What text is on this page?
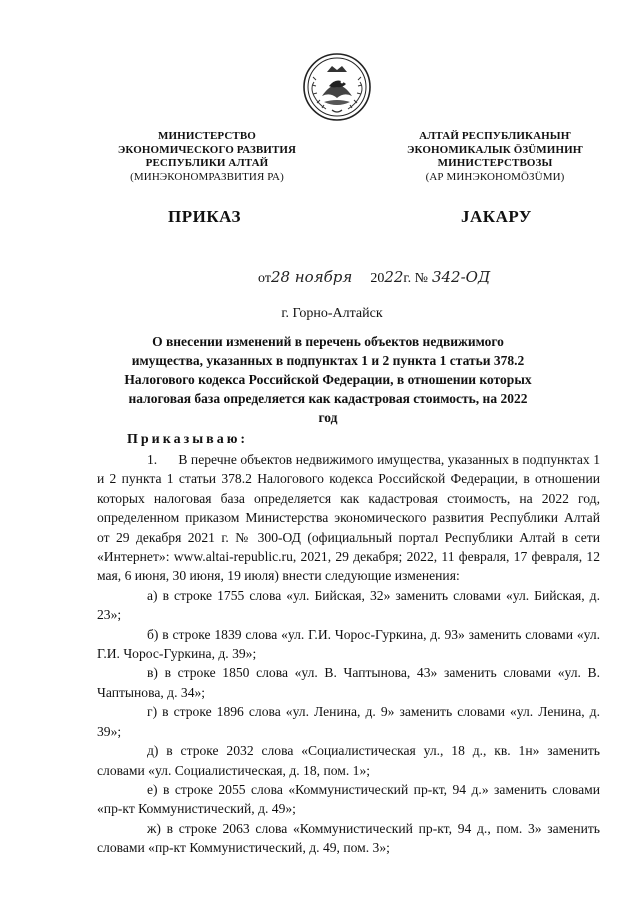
МИНИСТЕРСТВО
ЭКОНОМИЧЕСКОГО РАЗВИТИЯ
РЕСПУБЛИКИ АЛТАЙ
(МИНЭКОНОМРАЗВИТИЯ РА)
АЛТАЙ РЕСПУБЛИКАНЫҤ
ЭКОНОМИКАЛЫК ÖЗÜМИНИҤ
МИНИСТЕРСТВОЗЫ
(АР МИНЭКОНОМÖЗÜМИ)
ПРИКАЗ	JАКАРУ
от28 ноября 2022г. № 342-ОД
г. Горно-Алтайск
О внесении изменений в перечень объектов недвижимого имущества, указанных в подпунктах 1 и 2 пункта 1 статьи 378.2 Налогового кодекса Российской Федерации, в отношении которых налоговая база определяется как кадастровая стоимость, на 2022 год
Приказываю:

1.      В перечне объектов недвижимого имущества, указанных в подпунктах 1 и 2 пункта 1 статьи 378.2 Налогового кодекса Российской Федерации, в отношении которых налоговая база определяется как кадастровая стоимость, на 2022 год, определенном приказом Министерства экономического развития Республики Алтай от 29 декабря 2021 г. № 300-ОД (официальный портал Республики Алтай в сети «Интернет»: www.altai-republic.ru, 2021, 29 декабря; 2022, 11 февраля, 17 февраля, 12 мая, 6 июня, 30 июня, 19 июля) внести следующие изменения:

а) в строке 1755 слова «ул. Бийская, 32» заменить словами «ул. Бийская, д. 23»;

б) в строке 1839 слова «ул. Г.И. Чорос-Гуркина, д. 93» заменить словами «ул. Г.И. Чорос-Гуркина, д. 39»;

в) в строке 1850 слова «ул. В. Чаптынова, 43» заменить словами «ул. В. Чаптынова, д. 34»;

г) в строке 1896 слова «ул. Ленина, д. 9» заменить словами «ул. Ленина, д. 39»;

д) в строке 2032 слова «Социалистическая ул., 18 д., кв. 1н» заменить словами «ул. Социалистическая, д. 18, пом. 1»;

е) в строке 2055 слова «Коммунистический пр-кт, 94 д.» заменить словами «пр-кт Коммунистический, д. 49»;

ж) в строке 2063 слова «Коммунистический пр-кт, 94 д., пом. 3» заменить словами «пр-кт Коммунистический, д. 49, пом. 3»;
